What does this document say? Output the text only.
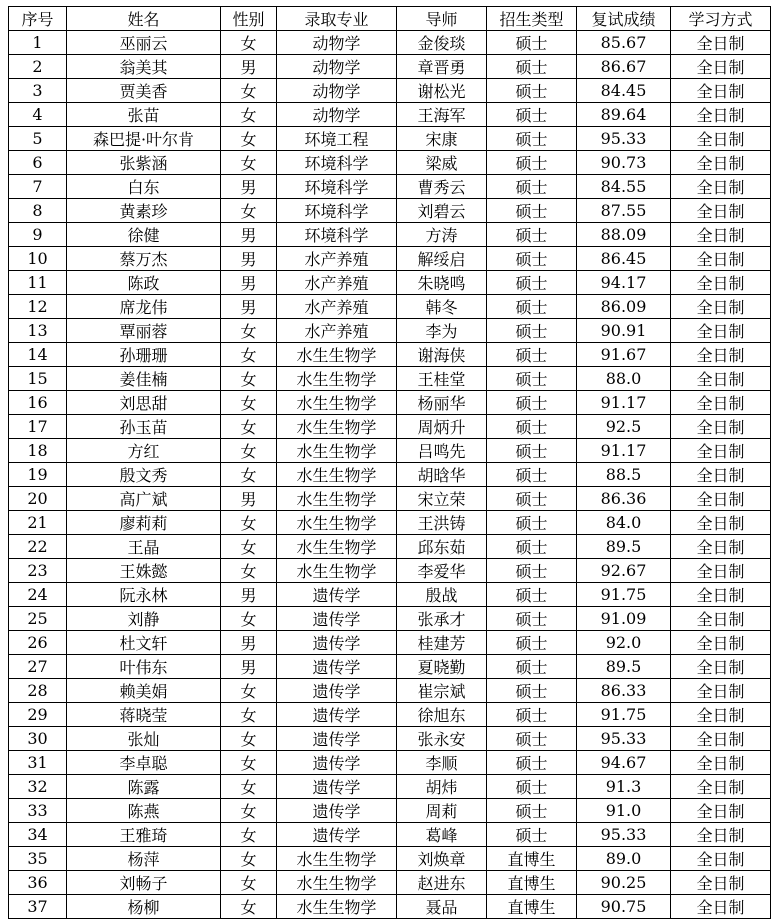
序号	姓名	性别	录取专业	导师	招生类型	复试成绩	学习方式
1	巫丽云	女	动物学	金俊琰	硕士	85.67	全日制
2	翁美其	男	动物学	章晋勇	硕士	86.67	全日制
3	贾美香	女	动物学	谢松光	硕士	84.45	全日制
4	张苗	女	动物学	王海军	硕士	89.64	全日制
5	森巴提·叶尔肯	女	环境工程	宋康	硕士	95.33	全日制
6	张紫涵	女	环境科学	梁威	硕士	90.73	全日制
7	白东	男	环境科学	曹秀云	硕士	84.55	全日制
8	黄素珍	女	环境科学	刘碧云	硕士	87.55	全日制
9	徐健	男	环境科学	方涛	硕士	88.09	全日制
10	蔡万杰	男	水产养殖	解绥启	硕士	86.45	全日制
11	陈政	男	水产养殖	朱晓鸣	硕士	94.17	全日制
12	席龙伟	男	水产养殖	韩冬	硕士	86.09	全日制
13	覃丽蓉	女	水产养殖	李为	硕士	90.91	全日制
14	孙珊珊	女	水生生物学	谢海侠	硕士	91.67	全日制
15	姜佳楠	女	水生生物学	王桂堂	硕士	88.0	全日制
16	刘思甜	女	水生生物学	杨丽华	硕士	91.17	全日制
17	孙玉苗	女	水生生物学	周炳升	硕士	92.5	全日制
18	方红	女	水生生物学	吕鸣先	硕士	91.17	全日制
19	殷文秀	女	水生生物学	胡晗华	硕士	88.5	全日制
20	高广斌	男	水生生物学	宋立荣	硕士	86.36	全日制
21	廖莉莉	女	水生生物学	王洪铸	硕士	84.0	全日制
22	王晶	女	水生生物学	邱东茹	硕士	89.5	全日制
23	王姝懿	女	水生生物学	李爱华	硕士	92.67	全日制
24	阮永林	男	遗传学	殷战	硕士	91.75	全日制
25	刘静	女	遗传学	张承才	硕士	91.09	全日制
26	杜文轩	男	遗传学	桂建芳	硕士	92.0	全日制
27	叶伟东	男	遗传学	夏晓勤	硕士	89.5	全日制
28	赖美娟	女	遗传学	崔宗斌	硕士	86.33	全日制
29	蒋晓莹	女	遗传学	徐旭东	硕士	91.75	全日制
30	张灿	女	遗传学	张永安	硕士	95.33	全日制
31	李卓聪	女	遗传学	李顺	硕士	94.67	全日制
32	陈露	女	遗传学	胡炜	硕士	91.3	全日制
33	陈燕	女	遗传学	周莉	硕士	91.0	全日制
34	王雅琦	女	遗传学	葛峰	硕士	95.33	全日制
35	杨萍	女	水生生物学	刘焕章	直博生	89.0	全日制
36	刘畅子	女	水生生物学	赵进东	直博生	90.25	全日制
37	杨柳	女	水生生物学	聂品	直博生	90.75	全日制
